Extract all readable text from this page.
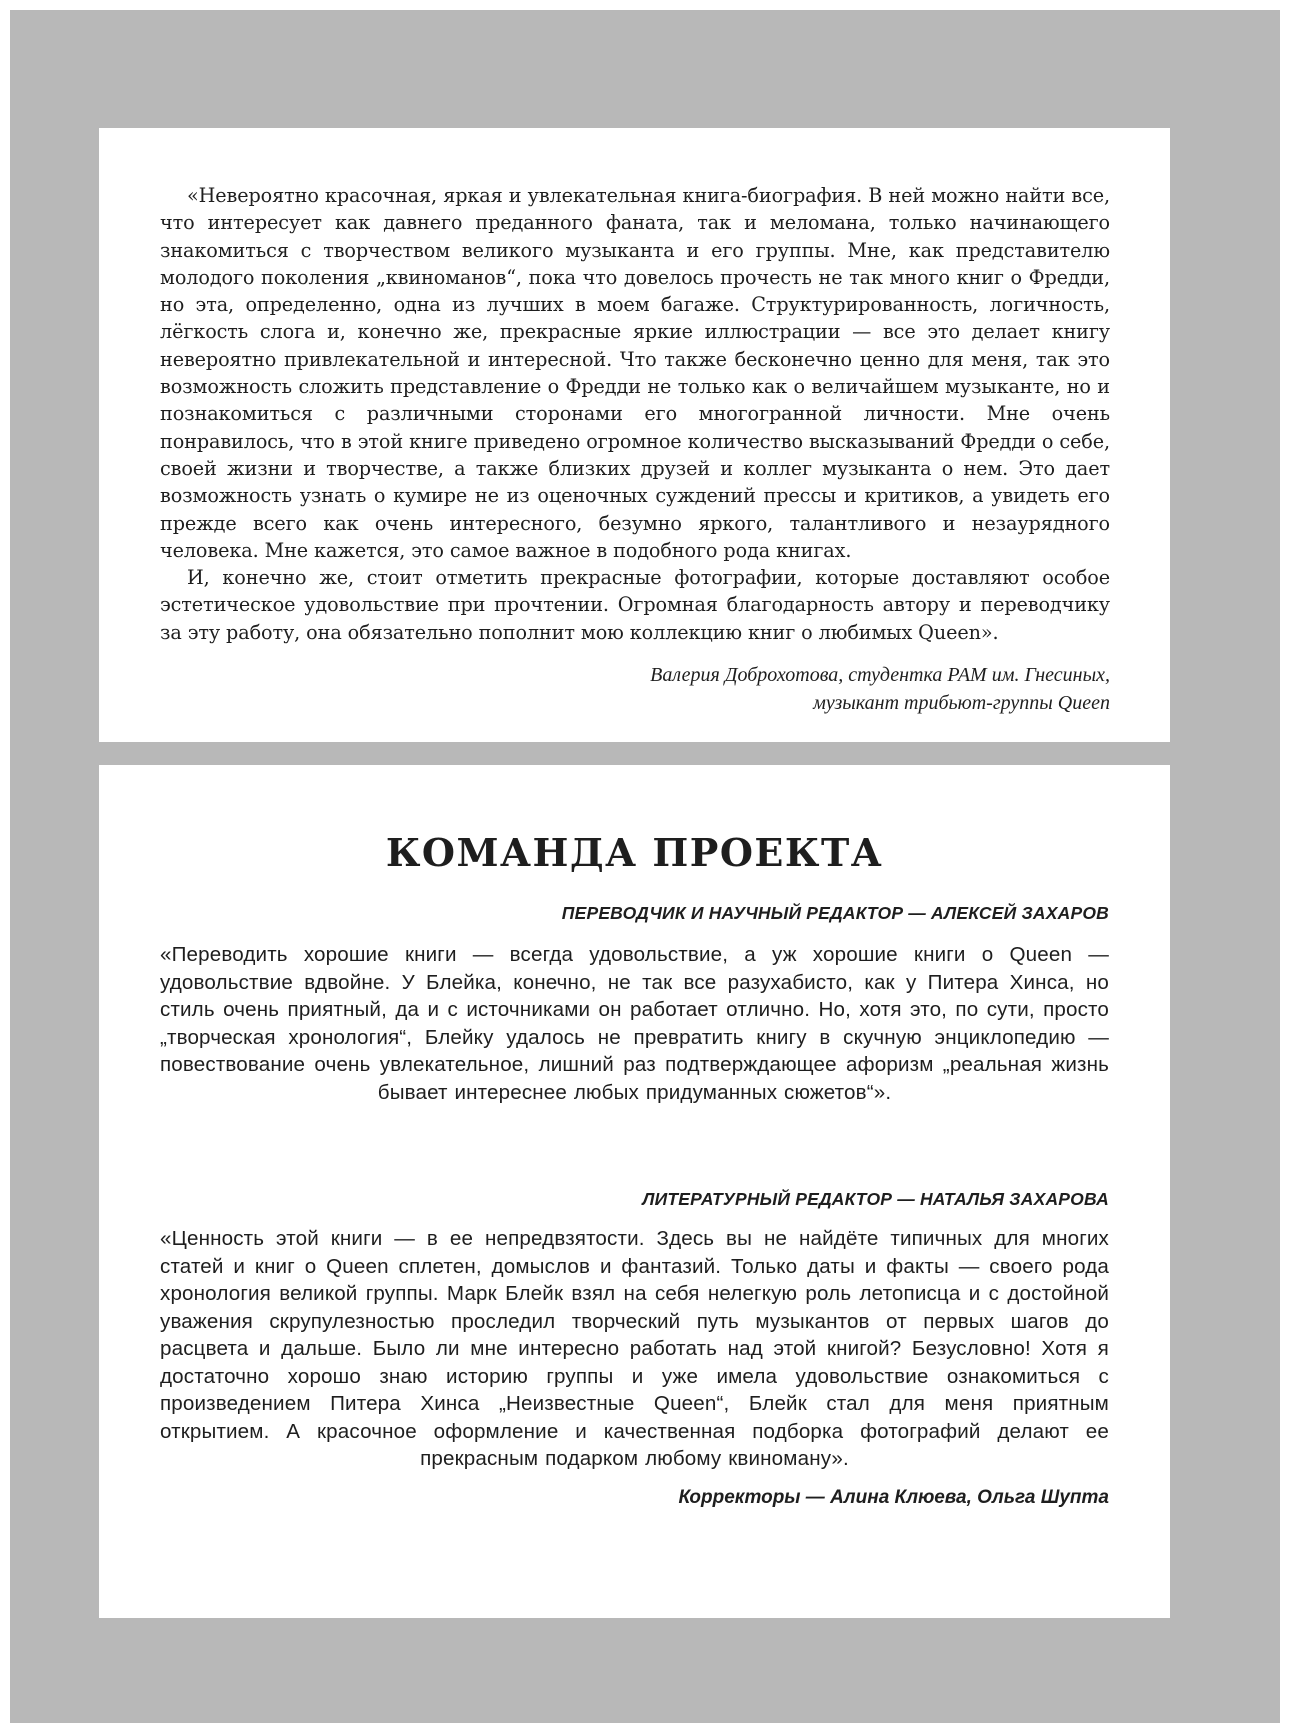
«Невероятно красочная, яркая и увлекательная книга-биография. В ней можно найти все, что интересует как давнего преданного фаната, так и меломана, только начинающего знакомиться с творчеством великого музыканта и его группы. Мне, как представителю молодого поколения „квиноманов“, пока что довелось прочесть не так много книг о Фредди, но эта, определенно, одна из лучших в моем багаже. Структурированность, логичность, лёгкость слога и, конечно же, прекрасные яркие иллюстрации — все это делает книгу невероятно привлекательной и интересной. Что также бесконечно ценно для меня, так это возможность сложить представление о Фредди не только как о величайшем музыканте, но и познакомиться с различными сторонами его многогранной личности. Мне очень понравилось, что в этой книге приведено огромное количество высказываний Фредди о себе, своей жизни и творчестве, а также близких друзей и коллег музыканта о нем. Это дает возможность узнать о кумире не из оценочных суждений прессы и критиков, а увидеть его прежде всего как очень интересного, безумно яркого, талантливого и незаурядного человека. Мне кажется, это самое важное в подобного рода книгах.

И, конечно же, стоит отметить прекрасные фотографии, которые доставляют особое эстетическое удовольствие при прочтении. Огромная благодарность автору и переводчику за эту работу, она обязательно пополнит мою коллекцию книг о любимых Queen».

Валерия Доброхотова, студентка РАМ им. Гнесиных,
музыкант трибьют-группы Queen
КОМАНДА ПРОЕКТА
ПЕРЕВОДЧИК И НАУЧНЫЙ РЕДАКТОР — АЛЕКСЕЙ ЗАХАРОВ

«Переводить хорошие книги — всегда удовольствие, а уж хорошие книги о Queen — удовольствие вдвойне. У Блейка, конечно, не так все разухабисто, как у Питера Хинса, но стиль очень приятный, да и с источниками он работает отлично. Но, хотя это, по сути, просто „творческая хронология“, Блейку удалось не превратить книгу в скучную энциклопедию — повествование очень увлекательное, лишний раз подтверждающее афоризм „реальная жизнь бывает интереснее любых придуманных сюжетов“».

ЛИТЕРАТУРНЫЙ РЕДАКТОР — НАТАЛЬЯ ЗАХАРОВА

«Ценность этой книги — в ее непредвзятости. Здесь вы не найдёте типичных для многих статей и книг о Queen сплетен, домыслов и фантазий. Только даты и факты — своего рода хронология великой группы. Марк Блейк взял на себя нелегкую роль летописца и с достойной уважения скрупулезностью проследил творческий путь музыкантов от первых шагов до расцвета и дальше. Было ли мне интересно работать над этой книгой? Безусловно! Хотя я достаточно хорошо знаю историю группы и уже имела удовольствие ознакомиться с произведением Питера Хинса „Неизвестные Queen“, Блейк стал для меня приятным открытием. А красочное оформление и качественная подборка фотографий делают ее прекрасным подарком любому квиноману».

Корректоры — Алина Клюева, Ольга Шупта
